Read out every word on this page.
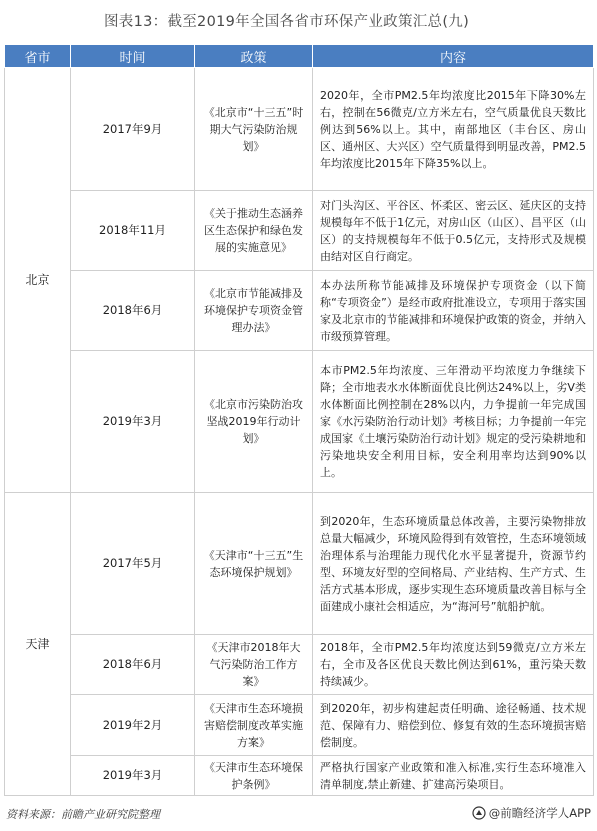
图表13：截至2019年全国各省市环保产业政策汇总(九)
省市	时间	政策	内容
北京	2017年9月	《北京市“十三五”时期大气污染防治规划》	2020年，全市PM2.5年均浓度比2015年下降30%左右，控制在56微克/立方米左右，空气质量优良天数比例达到56%以上。其中，南部地区（丰台区、房山区、通州区、大兴区）空气质量得到明显改善，PM2.5年均浓度比2015年下降35%以上。
	2018年11月	《关于推动生态涵养区生态保护和绿色发展的实施意见》	对门头沟区、平谷区、怀柔区、密云区、延庆区的支持规模每年不低于1亿元，对房山区（山区）、昌平区（山区）的支持规模每年不低于0.5亿元，支持形式及规模由结对区自行商定。
	2018年6月	《北京市节能减排及环境保护专项资金管理办法》	本办法所称节能减排及环境保护专项资金（以下简称“专项资金”）是经市政府批准设立，专项用于落实国家及北京市的节能减排和环境保护政策的资金，并纳入市级预算管理。
	2019年3月	《北京市污染防治攻坚战2019年行动计划》	本市PM2.5年均浓度、三年滑动平均浓度力争继续下降；全市地表水水体断面优良比例达24%以上，劣Ⅴ类水体断面比例控制在28%以内，力争提前一年完成国家《水污染防治行动计划》考核目标；力争提前一年完成国家《土壤污染防治行动计划》规定的受污染耕地和污染地块安全利用目标，安全利用率均达到90%以上。
天津	2017年5月	《天津市“十三五”生态环境保护规划》	到2020年，生态环境质量总体改善，主要污染物排放总量大幅减少，环境风险得到有效管控，生态环境领域治理体系与治理能力现代化水平显著提升，资源节约型、环境友好型的空间格局、产业结构、生产方式、生活方式基本形成，逐步实现生态环境质量改善目标与全面建成小康社会相适应，为“海河号”航船护航。
	2018年6月	《天津市2018年大气污染防治工作方案》	2018年，全市PM2.5年均浓度达到59微克/立方米左右，全市及各区优良天数比例达到61%，重污染天数持续减少。
	2019年2月	《天津市生态环境损害赔偿制度改革实施方案》	到2020年，初步构建起责任明确、途径畅通、技术规范、保障有力、赔偿到位、修复有效的生态环境损害赔偿制度。
	2019年3月	《天津市生态环境保护条例》	严格执行国家产业政策和准入标准,实行生态环境准入清单制度,禁止新建、扩建高污染项目。
资料来源：前瞻产业研究院整理	@前瞻经济学人APP
